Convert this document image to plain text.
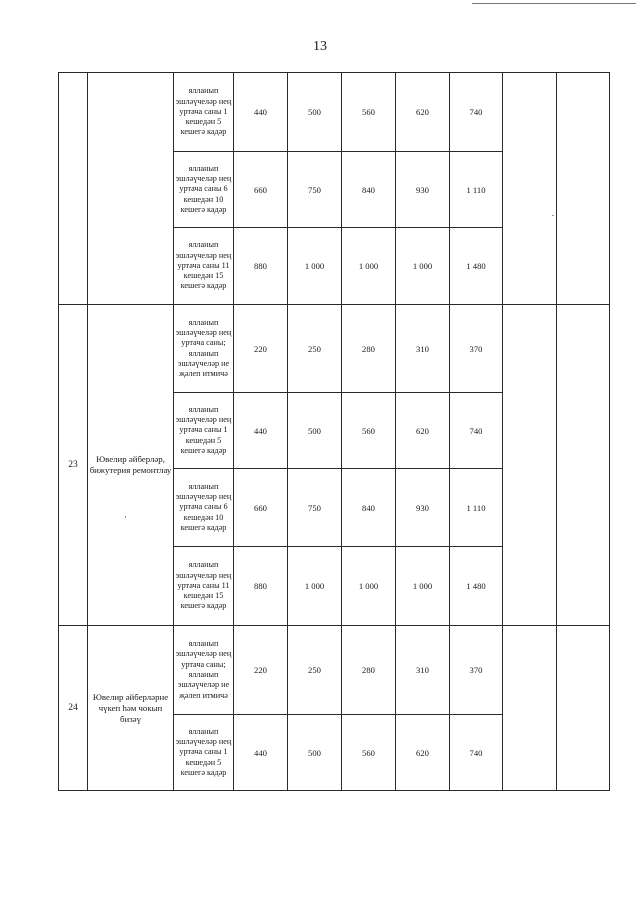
13
		ялланып эшләүчеләр нең уртача саны 1 кешедән 5 кешегә кадәр	440	500	560	620	740		
		ялланып эшләүчеләр нең уртача саны 6 кешедән 10 кешегә кадәр	660	750	840	930	1 110		
		ялланып эшләүчеләр нең уртача саны 11 кешедән 15 кешегә кадәр	880	1 000	1 000	1 000	1 480		
23	Ювелир әйберләр, бижутерия ремонтлау	ялланып эшләүчеләр нең уртача саны; ялланып эшләүчеләр не җәлеп итмичә	220	250	280	310	370		
		ялланып эшләүчеләр нең уртача саны 1 кешедән 5 кешегә кадәр	440	500	560	620	740		
		ялланып эшләүчеләр нең уртача саны 6 кешедән 10 кешегә кадәр	660	750	840	930	1 110		
		ялланып эшләүчеләр нең уртача саны 11 кешедән 15 кешегә кадәр	880	1 000	1 000	1 000	1 480		
24	Ювелир әйберләрне чүкеп һәм чокып бизәү	ялланып эшләүчеләр нең уртача саны; ялланып эшләүчеләр не җәлеп итмичә	220	250	280	310	370		
		ялланып эшләүчеләр нең уртача саны 1 кешедән 5 кешегә кадәр	440	500	560	620	740		
